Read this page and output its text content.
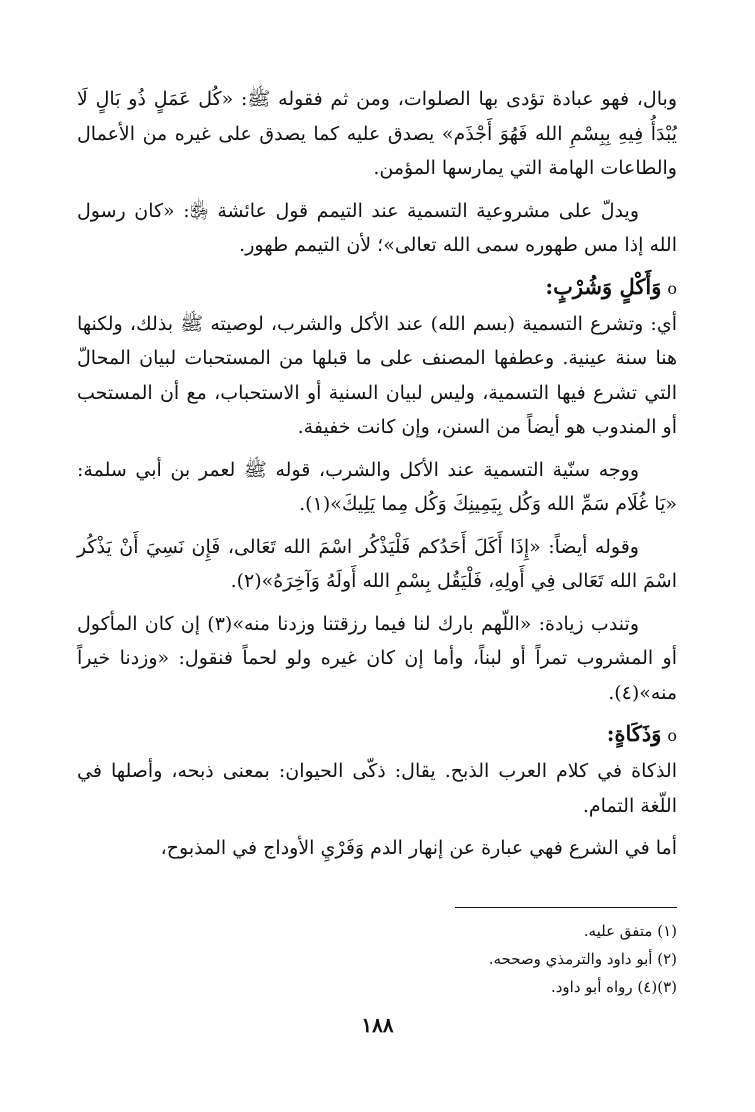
وبال، فهو عبادة تؤدى بها الصلوات، ومن ثم فقوله ﷺ: «كُل عَمَلٍ ذُو بَالٍ لَا يُبْدَأُ فِيهِ بِبِسْمِ الله فَهُوَ أَجْذَم» يصدق عليه كما يصدق على غيره من الأعمال والطاعات الهامة التي يمارسها المؤمن.

ويدلّ على مشروعية التسمية عند التيمم قول عائشة ﵂: «كان رسول الله إذا مس طهوره سمى الله تعالى»؛ لأن التيمم طهور.

oوَأَكْلٍ وَشُرْبٍ:

أي: وتشرع التسمية (بسم الله) عند الأكل والشرب، لوصيته ﷺ بذلك، ولكنها هنا سنة عينية. وعطفها المصنف على ما قبلها من المستحبات لبيان المحالّ التي تشرع فيها التسمية، وليس لبيان السنية أو الاستحباب، مع أن المستحب أو المندوب هو أيضاً من السنن، وإن كانت خفيفة.

ووجه سنّية التسمية عند الأكل والشرب، قوله ﷺ لعمر بن أبي سلمة: «يَا غُلَام سَمِّ الله وَكُل بِيَمِينِكَ وَكُل مِما يَلِيكَ»(١).

وقوله أيضاً: «إِذَا أَكَلَ أَحَدُكم فَلْيَذْكُر اسْمَ الله تَعَالى، فَإِن نَسِيَ أَنْ يَذْكُر اسْمَ الله تَعَالى فِي أَولِهِ، فَلْيَقُل بِسْمِ الله أَولَهُ وَآخِرَهُ»(٢).

وتندب زيادة: «اللّهم بارك لنا فيما رزقتنا وزدنا منه»(٣) إن كان المأكول أو المشروب تمراً أو لبناً، وأما إن كان غيره ولو لحماً فنقول: «وزدنا خيراً منه»(٤).

oوَذَكَاةٍ:

الذكاة في كلام العرب الذبح. يقال: ذكّى الحيوان: بمعنى ذبحه، وأصلها في اللّغة التمام.

أما في الشرع فهي عبارة عن إنهار الدم وَفَرْيِ الأوداج في المذبوح،

(١) متفق عليه.

(٢) أبو داود والترمذي وصححه.

(٣)(٤) رواه أبو داود.

١٨٨
